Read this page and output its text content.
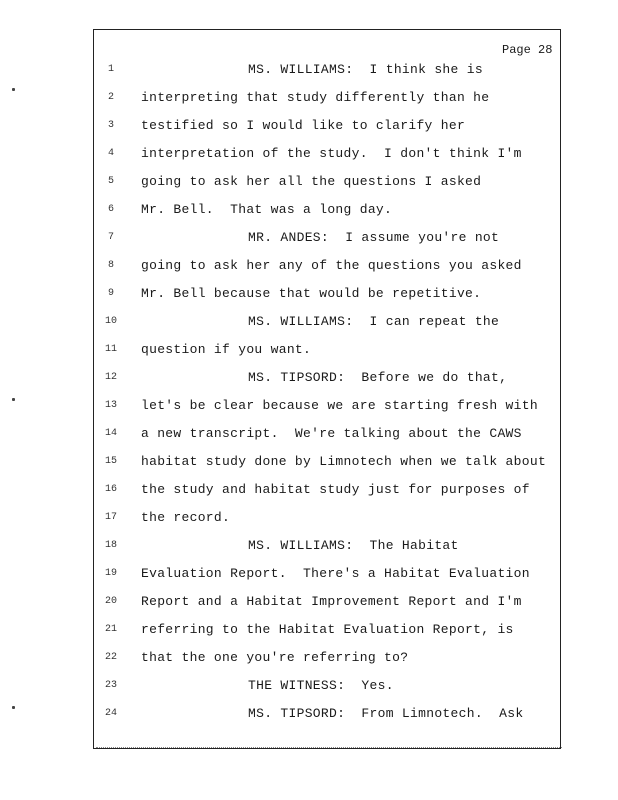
Page 28
1	MS. WILLIAMS:  I think she is
2	interpreting that study differently than he
3	testified so I would like to clarify her
4	interpretation of the study.  I don't think I'm
5	going to ask her all the questions I asked
6	Mr. Bell.  That was a long day.
7	MR. ANDES:  I assume you're not
8	going to ask her any of the questions you asked
9	Mr. Bell because that would be repetitive.
10	MS. WILLIAMS:  I can repeat the
11	question if you want.
12	MS. TIPSORD:  Before we do that,
13	let's be clear because we are starting fresh with
14	a new transcript.  We're talking about the CAWS
15	habitat study done by Limnotech when we talk about
16	the study and habitat study just for purposes of
17	the record.
18	MS. WILLIAMS:  The Habitat
19	Evaluation Report.  There's a Habitat Evaluation
20	Report and a Habitat Improvement Report and I'm
21	referring to the Habitat Evaluation Report, is
22	that the one you're referring to?
23	THE WITNESS:  Yes.
24	MS. TIPSORD:  From Limnotech.  Ask
